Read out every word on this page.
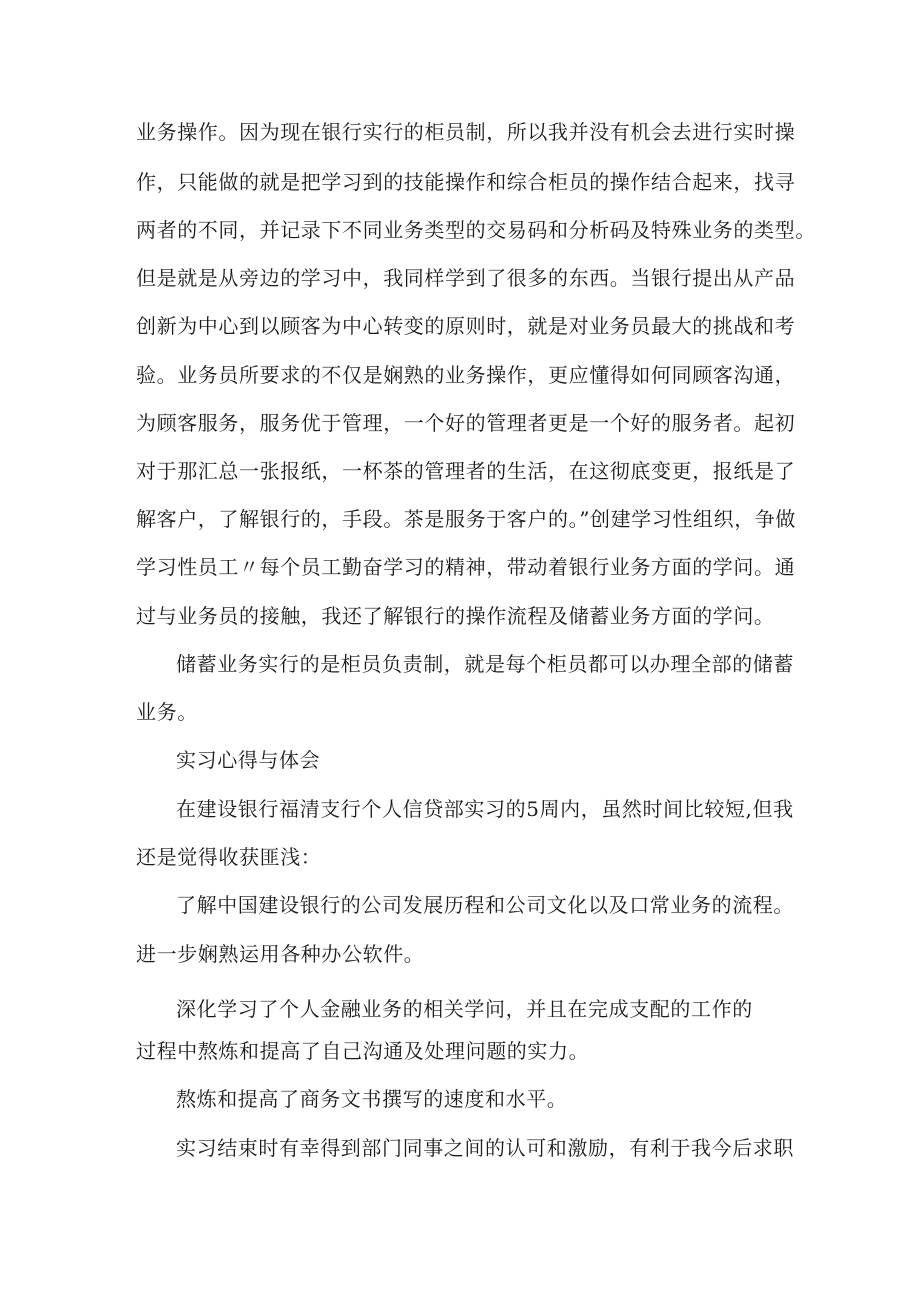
业务操作。因为现在银行实行的柜员制，所以我并没有机会去进行实时操
作，只能做的就是把学习到的技能操作和综合柜员的操作结合起来，找寻
两者的不同，并记录下不同业务类型的交易码和分析码及特殊业务的类型。
但是就是从旁边的学习中，我同样学到了很多的东西。当银行提出从产品
创新为中心到以顾客为中心转变的原则时，就是对业务员最大的挑战和考
验。业务员所要求的不仅是娴熟的业务操作，更应懂得如何同顾客沟通，
为顾客服务，服务优于管理，一个好的管理者更是一个好的服务者。起初
对于那汇总一张报纸，一杯茶的管理者的生活，在这彻底变更，报纸是了
解客户，了解银行的，手段。茶是服务于客户的。”创建学习性组织，争做
学习性员工〃每个员工勤奋学习的精神，带动着银行业务方面的学问。通
过与业务员的接触，我还了解银行的操作流程及储蓄业务方面的学问。
储蓄业务实行的是柜员负责制，就是每个柜员都可以办理全部的储蓄
业务。
实习心得与体会
在建设银行福清支行个人信贷部实习的5周内，虽然时间比较短,但我
还是觉得收获匪浅：
了解中国建设银行的公司发展历程和公司文化以及口常业务的流程。
进一步娴熟运用各种办公软件。
深化学习了个人金融业务的相关学问，并且在完成支配的工作的
过程中熬炼和提高了自己沟通及处理问题的实力。
熬炼和提高了商务文书撰写的速度和水平。
实习结束时有幸得到部门同事之间的认可和激励，有利于我今后求职
